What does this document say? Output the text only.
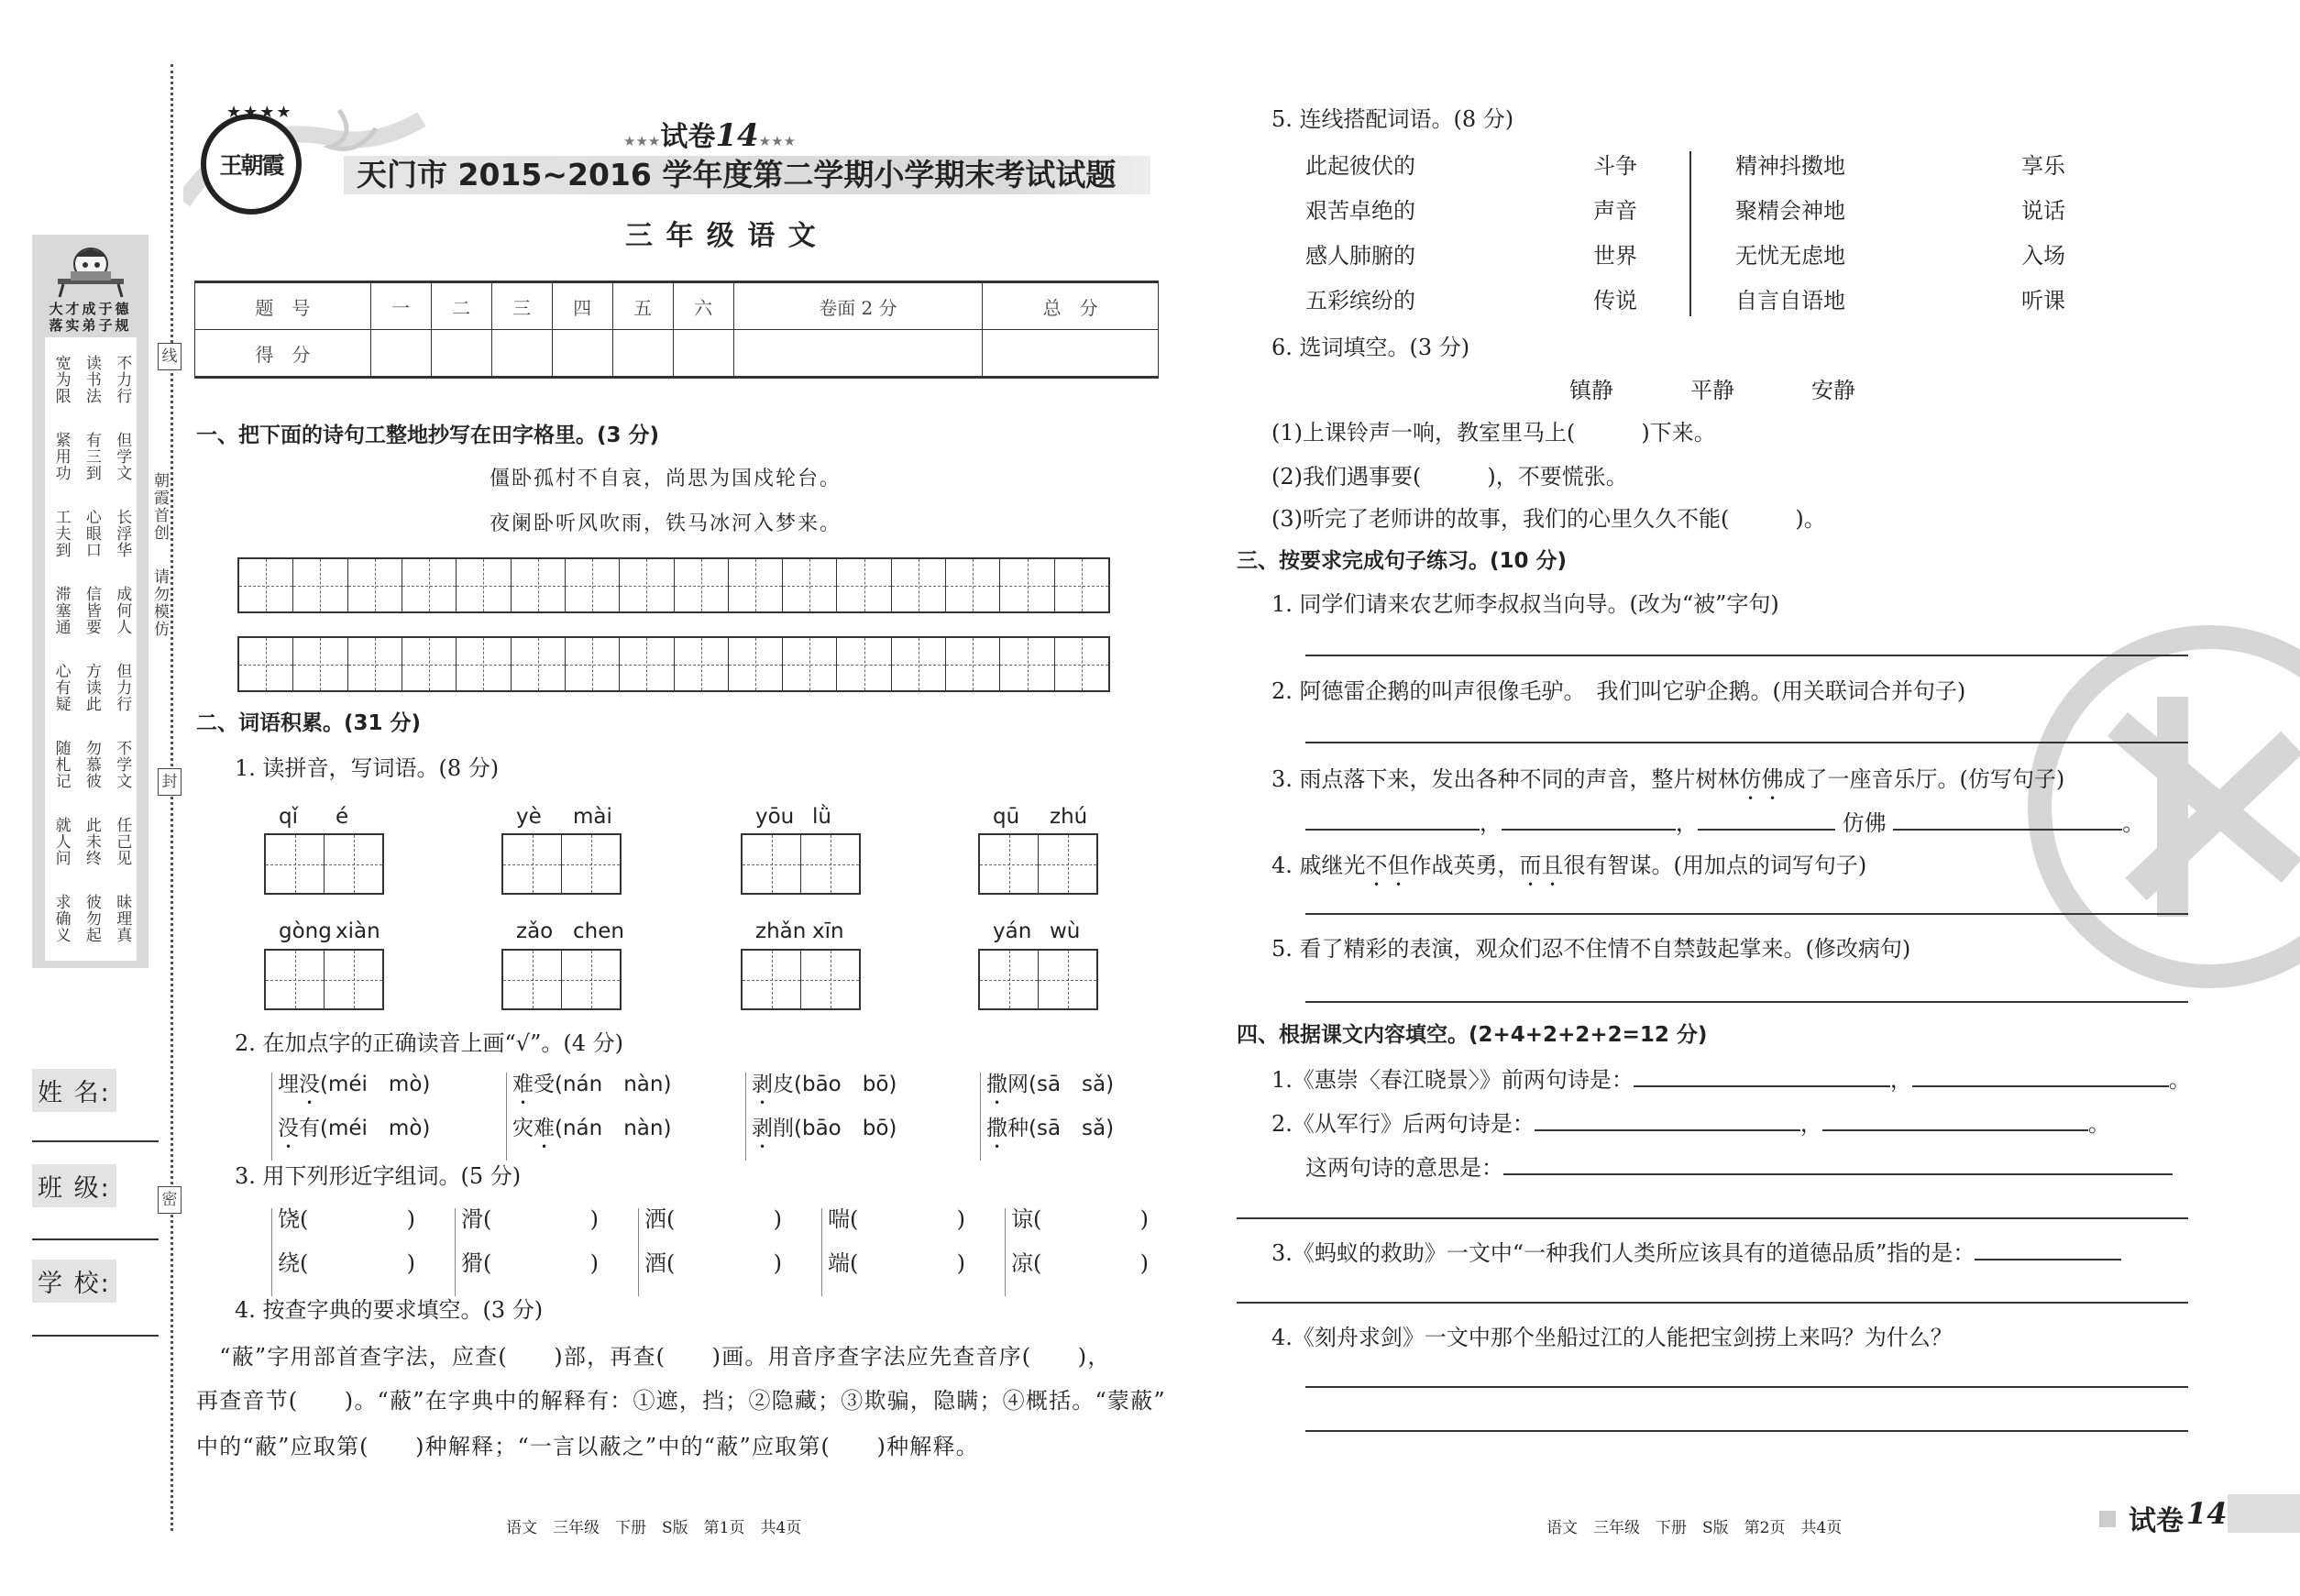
线
封
密
朝霞首创
请勿模仿
大才成于德
落实弟子规
宽为限 读书法 不力行
紧用功 有三到 但学文
工夫到 心眼口 长浮华
滞塞通 信皆要 成何人
心有疑 方读此 但力行
随札记 勿慕彼 不学文
就人问 此未终 任己见
求确义 彼勿起 昧理真
姓 名:
班 级:
学 校:
★★★★
王朝霞
★★★试卷14★★★
天门市 2015~2016 学年度第二学期小学期末考试试题
三 年 级 语 文
题　号	一	二	三	四	五	六	卷面 2 分	总　分
得　分								
一、把下面的诗句工整地抄写在田字格里。(3 分)
僵卧孤村不自哀，尚思为国戍轮台。
夜阑卧听风吹雨，铁马冰河入梦来。
二、词语积累。(31 分)
1. 读拼音，写词语。(8 分)
qǐ é	yè mài	yōu lǜ	qū zhú
gòng xiàn	zǎo chen	zhǎn xīn	yán wù
2. 在加点字的正确读音上画“√”。(4 分)
埋没(méi　mò)
没有(méi　mò)
难受(nán　nàn)
灾难(nán　nàn)
剥皮(bāo　bō)
剥削(bāo　bō)
撒网(sā　sǎ)
撒种(sā　sǎ)
3. 用下列形近字组词。(5 分)
饶(	)
绕(	)
滑(	)
猾(	)
洒(	)
酒(	)
喘(	)
端(	)
谅(	)
凉(	)
4. 按查字典的要求填空。(3 分)
　“蔽”字用部首查字法，应查(　　)部，再查(　　)画。用音序查字法应先查音序(　　)，
再查音节(　　)。“蔽”在字典中的解释有：①遮，挡；②隐藏；③欺骗，隐瞒；④概括。“蒙蔽”
中的“蔽”应取第(　　)种解释；“一言以蔽之”中的“蔽”应取第(　　)种解释。
语文　三年级　下册　S版　第1页　共4页
5. 连线搭配词语。(8 分)
此起彼伏的
艰苦卓绝的
感人肺腑的
五彩缤纷的
斗争
声音
世界
传说
精神抖擞地
聚精会神地
无忧无虑地
自言自语地
享乐
说话
入场
听课
6. 选词填空。(3 分)
镇静	平静	安静
(1)上课铃声一响，教室里马上(　　　)下来。
(2)我们遇事要(　　　)，不要慌张。
(3)听完了老师讲的故事，我们的心里久久不能(　　　)。
三、按要求完成句子练习。(10 分)
1. 同学们请来农艺师李叔叔当向导。(改为“被”字句)
2. 阿德雷企鹅的叫声很像毛驴。　我们叫它驴企鹅。(用关联词合并句子)
3. 雨点落下来，发出各种不同的声音，整片树林仿佛成了一座音乐厅。(仿写句子)
，	，	仿佛	。
4. 戚继光不但作战英勇，而且很有智谋。(用加点的词写句子)
5. 看了精彩的表演，观众们忍不住情不自禁鼓起掌来。(修改病句)
四、根据课文内容填空。(2+4+2+2+2=12 分)
1.《惠崇〈春江晓景〉》前两句诗是：	，	。
2.《从军行》后两句诗是：	，	。
这两句诗的意思是：
3.《蚂蚁的救助》一文中“一种我们人类所应该具有的道德品质”指的是：
4.《刻舟求剑》一文中那个坐船过江的人能把宝剑捞上来吗？为什么？
语文　三年级　下册　S版　第2页　共4页	试卷 14
